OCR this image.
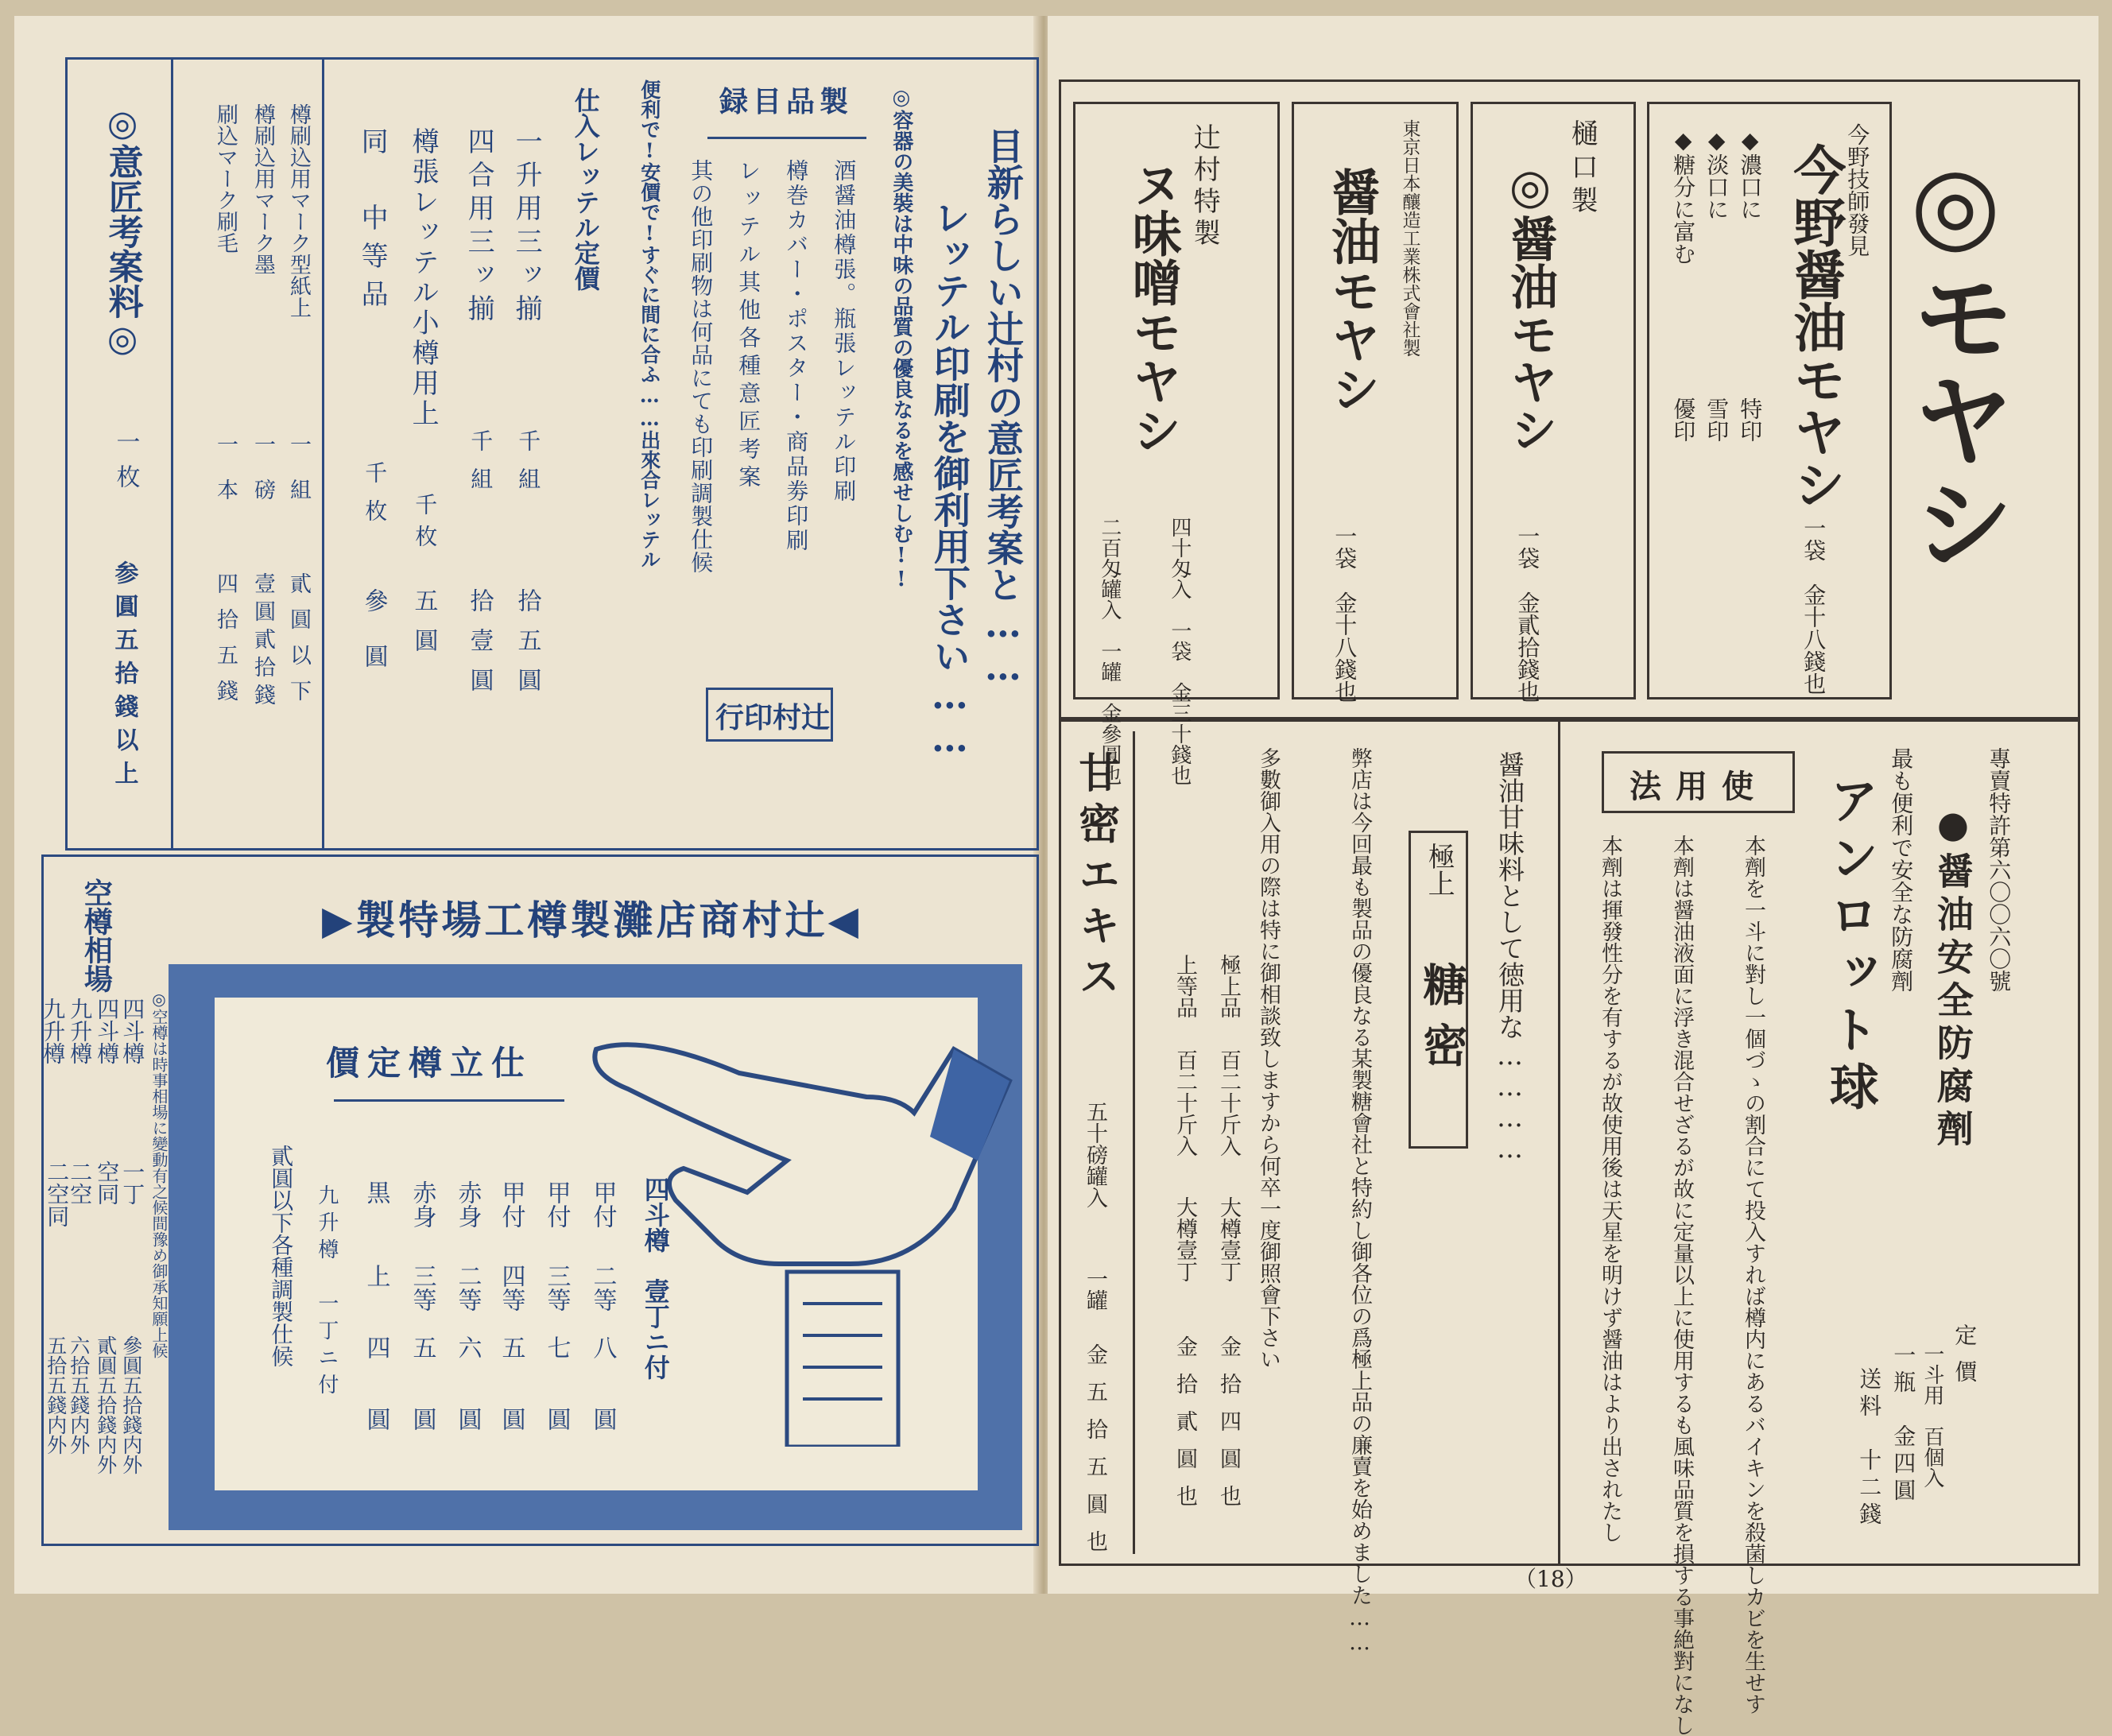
◎意匠考案料◎
一枚
参圓五拾錢以上
樽刷込用マーク型紙上
一組
貳圓以下
樽刷込用マーク墨
一磅
壹圓貳拾錢
刷込マーク刷毛
一本
四拾五錢
仕入レッテル定價
一升用三ッ揃
千組
拾五圓
四合用三ッ揃
千組
拾壹圓
樽張レッテル小樽用上
千枚
五圓
同　中等品
千枚
參圓
製品目録 ◎容器の美裝は中味の品質の優良なるを感せしむ!!
酒醤油樽張。瓶張レッテル印刷
樽巻カバー・ポスター・商品劵印刷
レッテル其他各種意匠考案
其の他印刷物は何品にても印刷調製仕候
便利で!安價で!すぐに間に合ふ……出來合レッテル
辻村印行
目新らしい辻村の意匠考案と……
レッテル印刷を御利用下さい……
◀辻村商店灘製樽工場特製▶
空樽相場
◎空樽は時事相場に變動有之候間豫め御承知願上候
四斗樽
一丁
參圓五拾錢内外
四斗樽
空同
貳圓五拾錢内外
九升樽
二空
六拾五錢内外
九升樽
二空同
五拾五錢内外
仕立樽定價
四斗樽　壹丁ニ付
甲付
二等
八圓
甲付
三等
七圓
甲付
四等
五圓
赤身
二等
六圓
赤身
三等
五圓
黒
上
四圓
九升樽　一丁ニ付
貳圓以下各種調製仕候
◎モヤシ
今野技師發見
今野醤油モヤシ
◆濃口に
特印
◆淡口に
雪印
◆糖分に富む
優印
一袋　金十八錢也
樋口製
◎醤油モヤシ
一袋　金貳拾錢也
東京日本釀造工業株式會社製
醤油モヤシ
一袋　金十八錢也
辻村特製
ヌ味噌モヤシ
四十匁入　一袋　金三十錢也
二百匁罐入　一罐　金參圓也
專賣特許第六〇〇六〇號
●醤油安全防腐劑
最も便利で安全な防腐劑
アンロット球
使用法
本劑を一斗に對し一個づゝの割合にて投入すれば樽内にあるバイキンを殺菌しカビを生せす
本劑は醤油液面に浮き混合せざるが故に定量以上に使用するも風味品質を損する事絶對になし
本劑は揮發性分を有するが故使用後は天星を明けず醤油はより出されたし	定價
一斗用　百個入
一瓶　金四圓
送料　十二錢
醤油甘味料として徳用な…………
極上
糖密
弊店は今回最も製品の優良なる某製糖會社と特約し御各位の爲極上品の廉賣を始めました……
多數御入用の際は特に御相談致しますから何卒一度御照會下さい
極上品
百二十斤入
大樽壹丁
金拾四圓也
上等品
百二十斤入
大樽壹丁
金拾貳圓也
甘密エキス
五十磅罐入
一罐
金五拾五圓也
（18）
